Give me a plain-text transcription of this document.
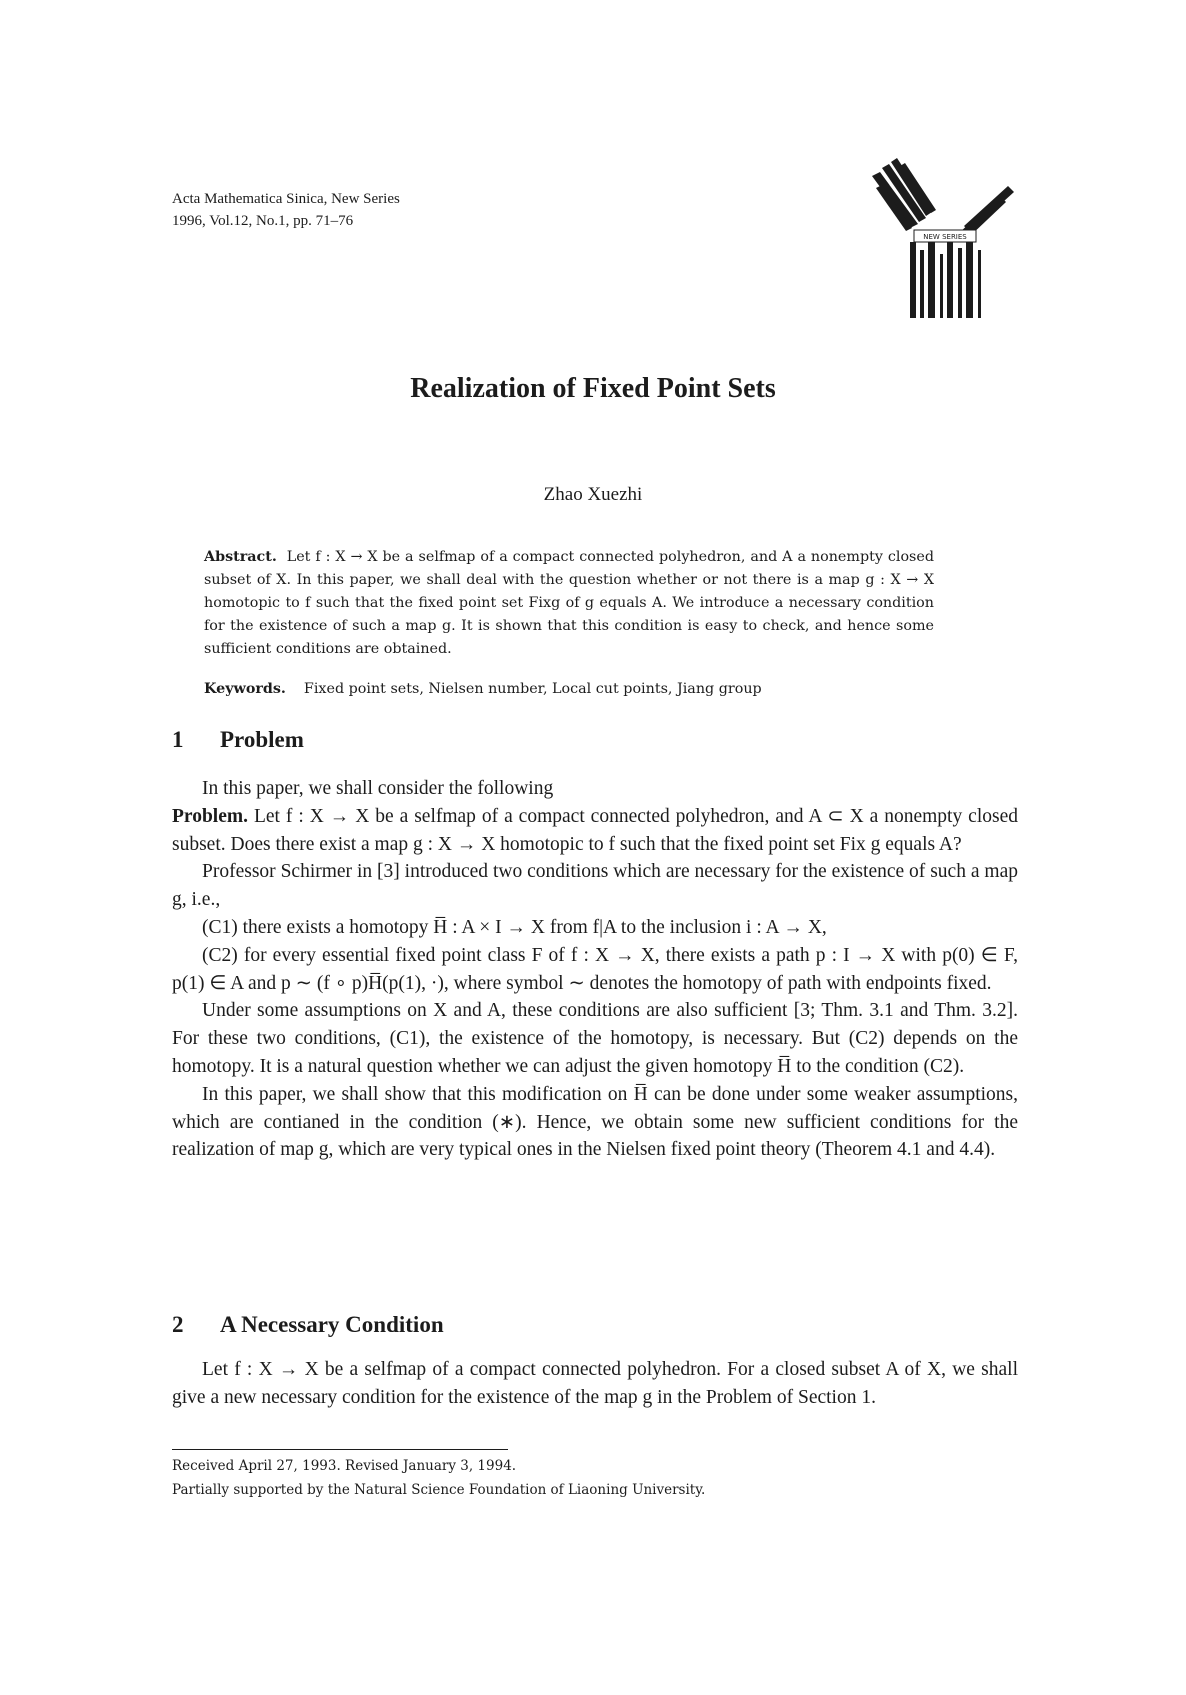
Acta Mathematica Sinica, New Series
1996, Vol.12, No.1, pp. 71–76
NEW SERIES
Realization of Fixed Point Sets
Zhao Xuezhi

Abstract. Let f : X → X be a selfmap of a compact connected polyhedron, and A a nonempty closed subset of X. In this paper, we shall deal with the question whether or not there is a map g : X → X homotopic to f such that the fixed point set Fixg of g equals A. We introduce a necessary condition for the existence of such a map g. It is shown that this condition is easy to check, and hence some sufficient conditions are obtained.

Keywords. Fixed point sets, Nielsen number, Local cut points, Jiang group
1 Problem

In this paper, we shall consider the following

Problem. Let f : X → X be a selfmap of a compact connected polyhedron, and A ⊂ X a nonempty closed subset. Does there exist a map g : X → X homotopic to f such that the fixed point set Fix g equals A?

Professor Schirmer in [3] introduced two conditions which are necessary for the existence of such a map g, i.e.,

(C1) there exists a homotopy H̅ : A × I → X from f|A to the inclusion i : A → X,

(C2) for every essential fixed point class F of f : X → X, there exists a path p : I → X with p(0) ∈ F, p(1) ∈ A and p ∼ (f ∘ p)H̅(p(1), ·), where symbol ∼ denotes the homotopy of path with endpoints fixed.

Under some assumptions on X and A, these conditions are also sufficient [3; Thm. 3.1 and Thm. 3.2]. For these two conditions, (C1), the existence of the homotopy, is necessary. But (C2) depends on the homotopy. It is a natural question whether we can adjust the given homotopy H̅ to the condition (C2).

In this paper, we shall show that this modification on H̅ can be done under some weaker assumptions, which are contianed in the condition (∗). Hence, we obtain some new sufficient conditions for the realization of map g, which are very typical ones in the Nielsen fixed point theory (Theorem 4.1 and 4.4).

2 A Necessary Condition

Let f : X → X be a selfmap of a compact connected polyhedron. For a closed subset A of X, we shall give a new necessary condition for the existence of the map g in the Problem of Section 1.

Received April 27, 1993. Revised January 3, 1994.
Partially supported by the Natural Science Foundation of Liaoning University.
